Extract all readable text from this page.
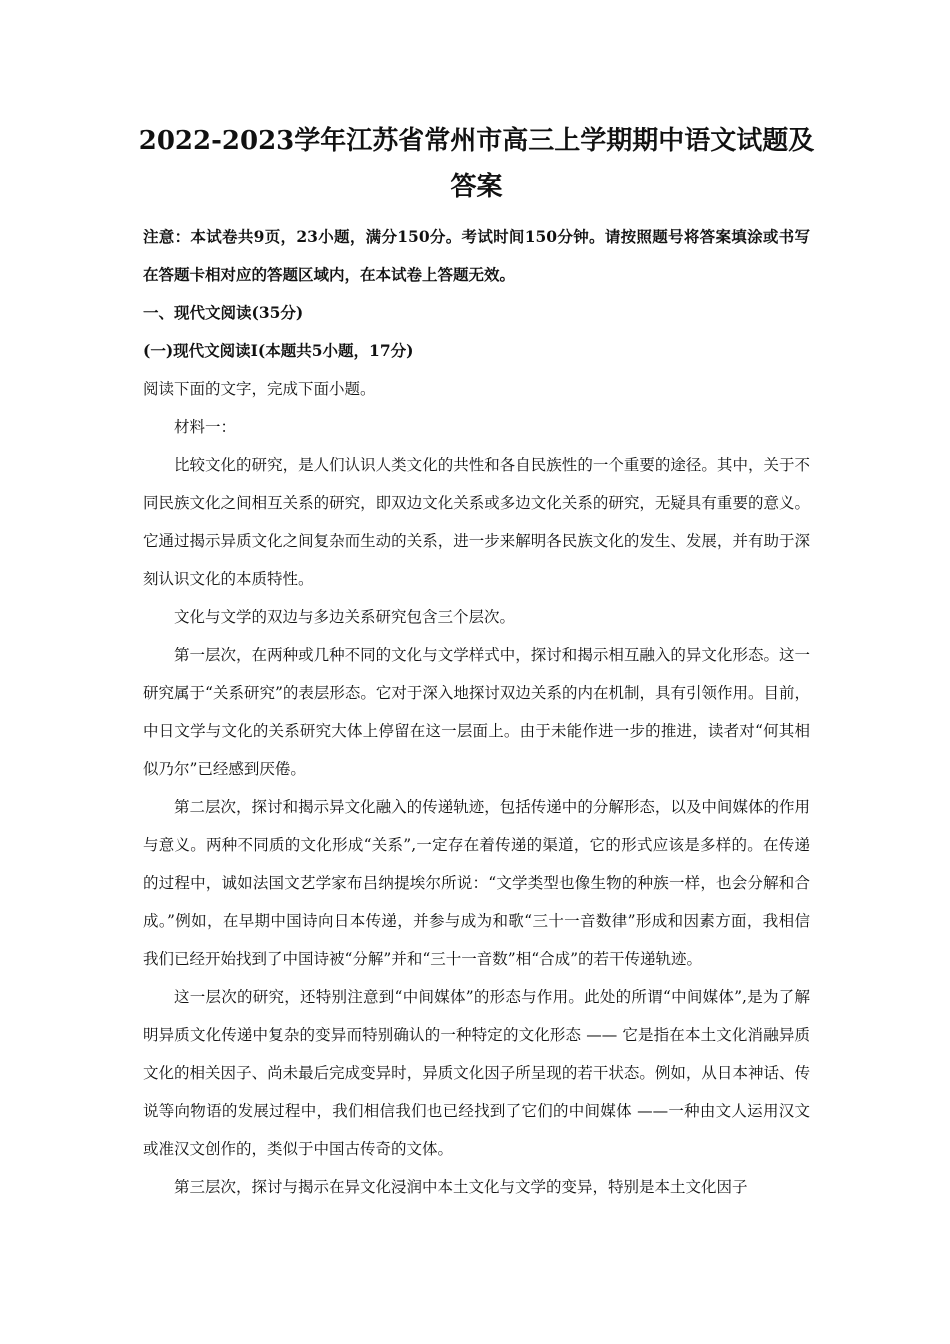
2022-2023学年江苏省常州市高三上学期期中语文试题及答案

注意：本试卷共9页，23小题，满分150分。考试时间150分钟。请按照题号将答案填涂或书写在答题卡相对应的答题区域内，在本试卷上答题无效。

一、现代文阅读(35分)

(一)现代文阅读I(本题共5小题，17分)

阅读下面的文字，完成下面小题。

材料一：

比较文化的研究，是人们认识人类文化的共性和各自民族性的一个重要的途径。其中，关于不同民族文化之间相互关系的研究，即双边文化关系或多边文化关系的研究，无疑具有重要的意义。它通过揭示异质文化之间复杂而生动的关系，进一步来解明各民族文化的发生、发展，并有助于深刻认识文化的本质特性。

文化与文学的双边与多边关系研究包含三个层次。

第一层次，在两种或几种不同的文化与文学样式中，探讨和揭示相互融入的异文化形态。这一研究属于“关系研究”的表层形态。它对于深入地探讨双边关系的内在机制，具有引领作用。目前，中日文学与文化的关系研究大体上停留在这一层面上。由于未能作进一步的推进，读者对“何其相似乃尔”已经感到厌倦。

第二层次，探讨和揭示异文化融入的传递轨迹，包括传递中的分解形态，以及中间媒体的作用与意义。两种不同质的文化形成“关系”,一定存在着传递的渠道，它的形式应该是多样的。在传递的过程中，诚如法国文艺学家布吕纳提埃尔所说：“文学类型也像生物的种族一样，也会分解和合成。”例如，在早期中国诗向日本传递，并参与成为和歌“三十一音数律”形成和因素方面，我相信我们已经开始找到了中国诗被“分解”并和“三十一音数”相“合成”的若干传递轨迹。

这一层次的研究，还特别注意到“中间媒体”的形态与作用。此处的所谓“中间媒体”,是为了解明异质文化传递中复杂的变异而特别确认的一种特定的文化形态 —— 它是指在本土文化消融异质文化的相关因子、尚未最后完成变异时，异质文化因子所呈现的若干状态。例如，从日本神话、传说等向物语的发展过程中，我们相信我们也已经找到了它们的中间媒体 ——一种由文人运用汉文或准汉文创作的，类似于中国古传奇的文体。

第三层次，探讨与揭示在异文化浸润中本土文化与文学的变异，特别是本土文化因子
